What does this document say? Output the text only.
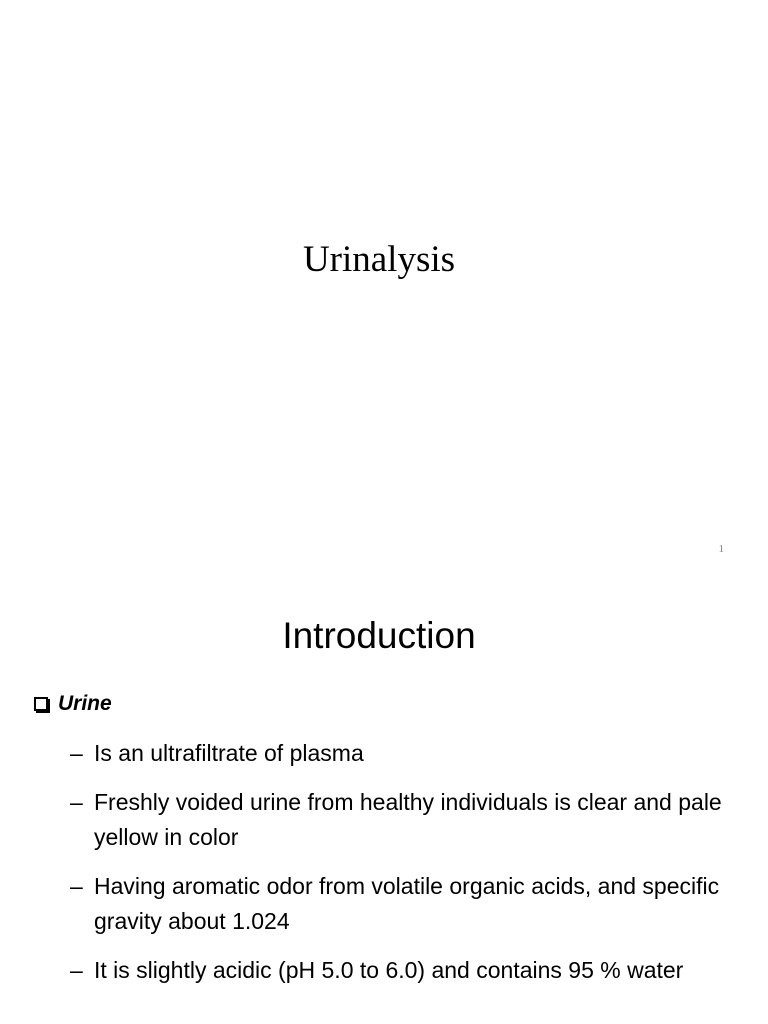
Urinalysis
1
Introduction
Urine
– Is an ultrafiltrate of plasma
– Freshly voided urine from healthy individuals is clear and pale yellow in color
– Having aromatic odor from volatile organic acids, and specific gravity about 1.024
– It is slightly acidic (pH 5.0 to 6.0) and contains 95 % water
